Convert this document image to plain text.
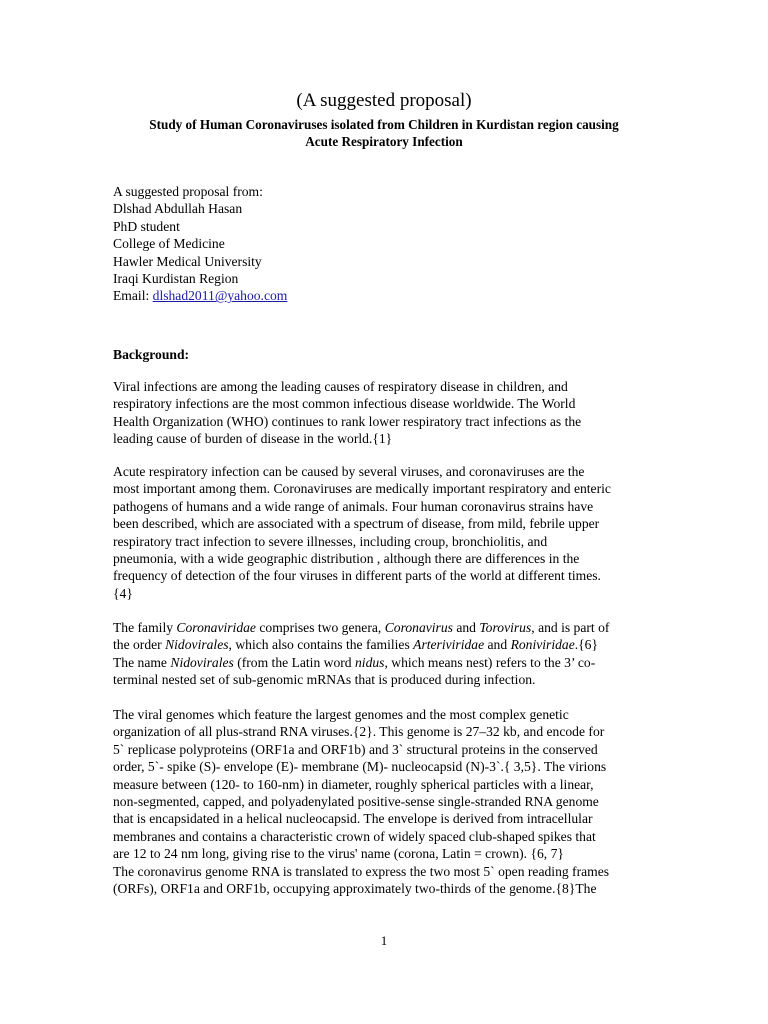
(A suggested proposal)
Study of Human Coronaviruses isolated from Children in Kurdistan region causing
Acute Respiratory Infection
A suggested proposal from:
Dlshad Abdullah Hasan
PhD student
College of Medicine
Hawler Medical University
Iraqi Kurdistan Region
Email: dlshad2011@yahoo.com
Background:
Viral infections are among the leading causes of respiratory disease in children, and
respiratory infections are the most common infectious disease worldwide. The World
Health Organization (WHO) continues to rank lower respiratory tract infections as the
leading cause of burden of disease in the world.{1}
Acute respiratory infection can be caused by several viruses, and coronaviruses are the
most important among them. Coronaviruses are medically important respiratory and enteric
pathogens of humans and a wide range of animals. Four human coronavirus strains have
been described, which are associated with a spectrum of disease, from mild, febrile upper
respiratory tract infection to severe illnesses, including croup, bronchiolitis, and
pneumonia, with a wide geographic distribution , although there are differences in the
frequency of detection of the four viruses in different parts of the world at different times.
{4}
The family Coronaviridae comprises two genera, Coronavirus and Torovirus, and is part of
the order Nidovirales, which also contains the families Arteriviridae and Roniviridae.{6}
The name Nidovirales (from the Latin word nidus, which means nest) refers to the 3’ co-
terminal nested set of sub-genomic mRNAs that is produced during infection.
The viral genomes which feature the largest genomes and the most complex genetic
organization of all plus-strand RNA viruses.{2}. This genome is 27–32 kb, and encode for
5` replicase polyproteins (ORF1a and ORF1b) and 3` structural proteins in the conserved
order, 5`- spike (S)- envelope (E)- membrane (M)- nucleocapsid (N)-3`.{ 3,5}. The virions
measure between (120- to 160-nm) in diameter, roughly spherical particles with a linear,
non-segmented, capped, and polyadenylated positive-sense single-stranded RNA genome
that is encapsidated in a helical nucleocapsid. The envelope is derived from intracellular
membranes and contains a characteristic crown of widely spaced club-shaped spikes that
are 12 to 24 nm long, giving rise to the virus' name (corona, Latin = crown). {6, 7}
The coronavirus genome RNA is translated to express the two most 5` open reading frames
(ORFs), ORF1a and ORF1b, occupying approximately two-thirds of the genome.{8}The
1
